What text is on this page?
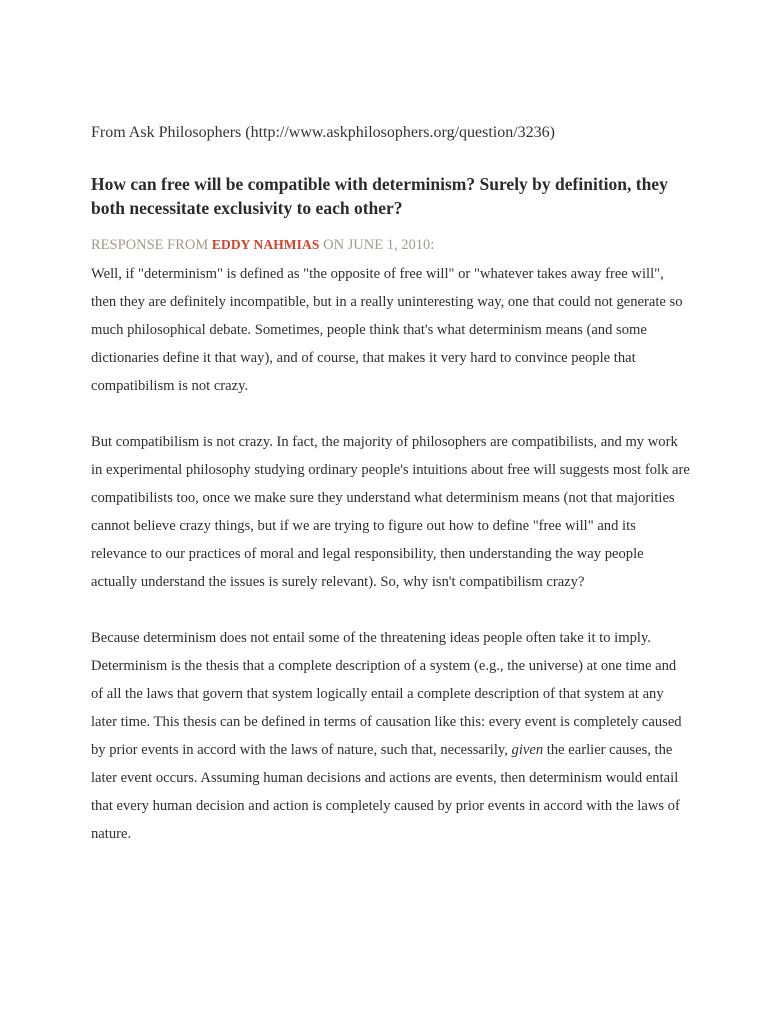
From Ask Philosophers (http://www.askphilosophers.org/question/3236)
How can free will be compatible with determinism? Surely by definition, they both necessitate exclusivity to each other?
RESPONSE FROM EDDY NAHMIAS ON JUNE 1, 2010:

Well, if "determinism" is defined as "the opposite of free will" or "whatever takes away free will", then they are definitely incompatible, but in a really uninteresting way, one that could not generate so much philosophical debate. Sometimes, people think that's what determinism means (and some dictionaries define it that way), and of course, that makes it very hard to convince people that compatibilism is not crazy.

But compatibilism is not crazy. In fact, the majority of philosophers are compatibilists, and my work in experimental philosophy studying ordinary people's intuitions about free will suggests most folk are compatibilists too, once we make sure they understand what determinism means (not that majorities cannot believe crazy things, but if we are trying to figure out how to define "free will" and its relevance to our practices of moral and legal responsibility, then understanding the way people actually understand the issues is surely relevant). So, why isn't compatibilism crazy?

Because determinism does not entail some of the threatening ideas people often take it to imply. Determinism is the thesis that a complete description of a system (e.g., the universe) at one time and of all the laws that govern that system logically entail a complete description of that system at any later time. This thesis can be defined in terms of causation like this: every event is completely caused by prior events in accord with the laws of nature, such that, necessarily, given the earlier causes, the later event occurs. Assuming human decisions and actions are events, then determinism would entail that every human decision and action is completely caused by prior events in accord with the laws of nature.
